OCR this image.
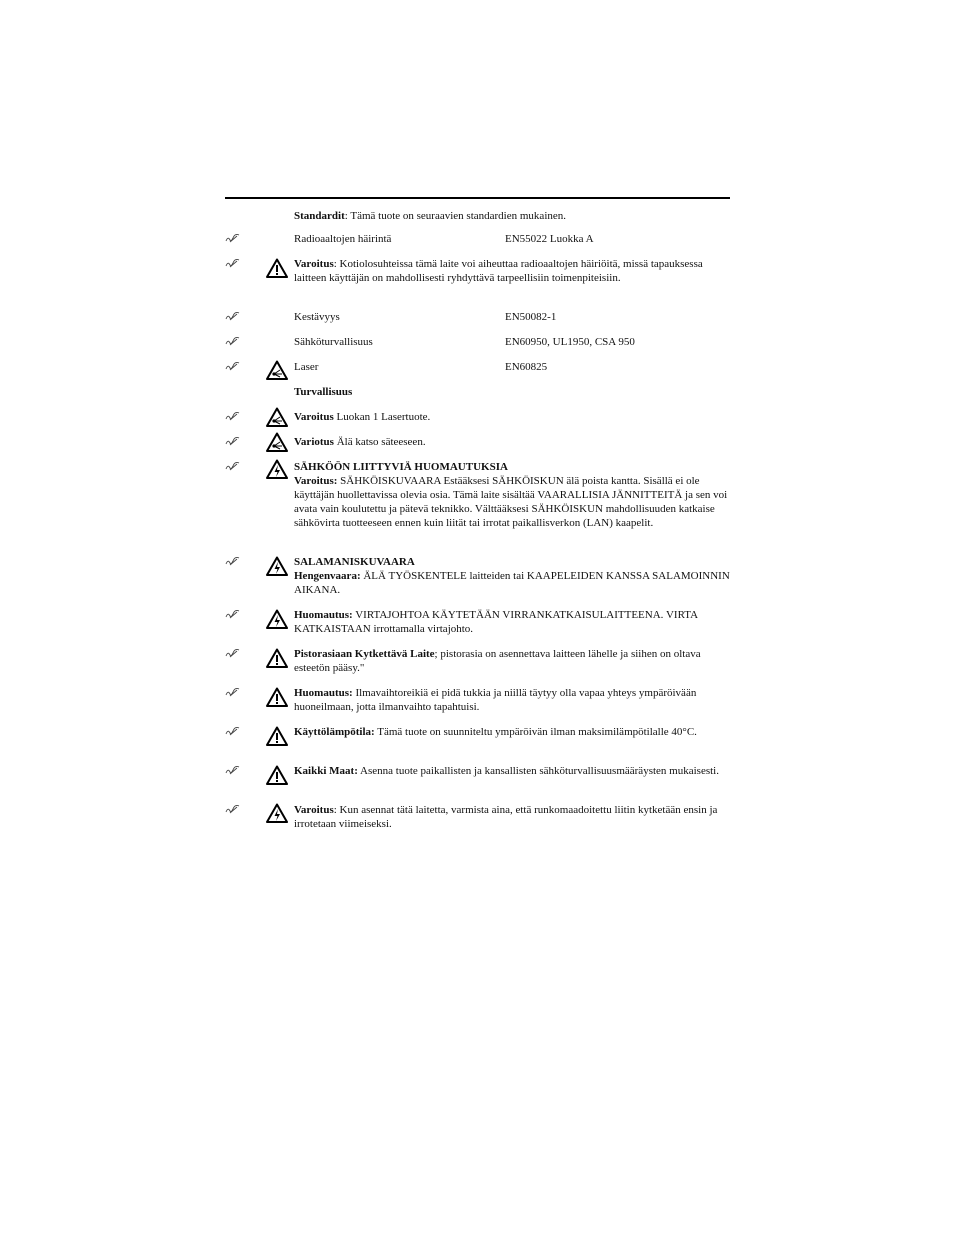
Standardit: Tämä tuote on seuraavien standardien mukainen.
Radioaaltojen häirintä	EN55022 Luokka A
Varoitus: Kotiolosuhteissa tämä laite voi aiheuttaa radioaaltojen häiriöitä, missä tapauksessa laitteen käyttäjän on mahdollisesti ryhdyttävä tarpeellisiin toimenpiteisiin.
Kestävyys	EN50082-1
Sähköturvallisuus	EN60950, UL1950, CSA 950
Laser	EN60825
Turvallisuus
Varoitus Luokan 1 Lasertuote.
Variotus Älä katso säteeseen.
SÄHKÖÖN LIITTYVIÄ HUOMAUTUKSIA
Varoitus: SÄHKÖISKUVAARA Estääksesi SÄHKÖISKUN älä poista kantta. Sisällä ei ole käyttäjän huollettavissa olevia osia. Tämä laite sisältää VAARALLISIA JÄNNITTEITÄ ja sen voi avata vain koulutettu ja pätevä teknikko. Välttääksesi SÄHKÖISKUN mahdollisuuden katkaise sähkövirta tuotteeseen ennen kuin liität tai irrotat paikallisverkon (LAN) kaapelit.
SALAMANISKUVAARA
Hengenvaara: ÄLÄ TYÖSKENTELE laitteiden tai KAAPELEIDEN KANSSA SALAMOINNIN AIKANA.
Huomautus: VIRTAJOHTOA KÄYTETÄÄN VIRRANKATKAISULAITTEENA. VIRTA KATKAISTAAN irrottamalla virtajohto.
Pistorasiaan Kytkettävä Laite; pistorasia on asennettava laitteen lähelle ja siihen on oltava esteetön pääsy."
Huomautus: Ilmavaihtoreikiä ei pidä tukkia ja niillä täytyy olla vapaa yhteys ympäröivään huoneilmaan, jotta ilmanvaihto tapahtuisi.
Käyttölämpötila: Tämä tuote on suunniteltu ympäröivän ilman maksimilämpötilalle 40°C.
Kaikki Maat: Asenna tuote paikallisten ja kansallisten sähköturvallisuusmääräysten mukaisesti.
Varoitus: Kun asennat tätä laitetta, varmista aina, että runkomaadoitettu liitin kytketään ensin ja irrotetaan viimeiseksi.
